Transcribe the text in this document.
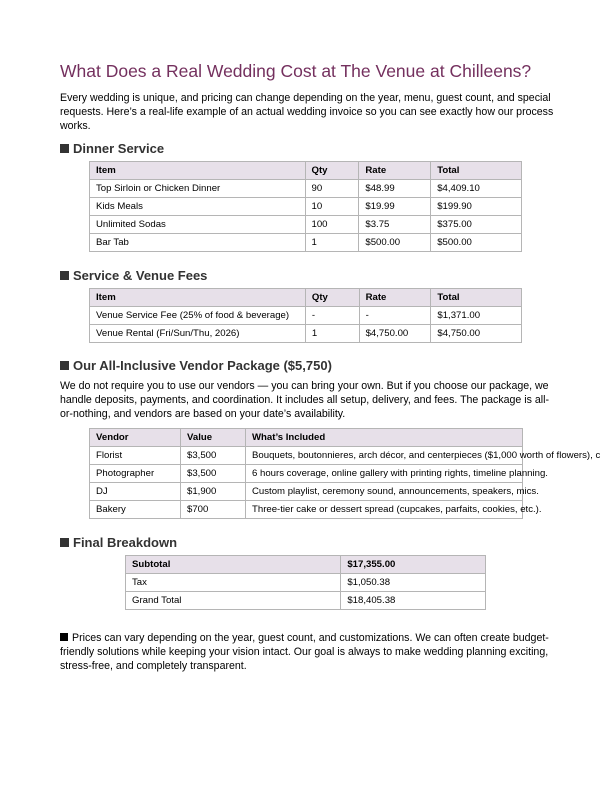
What Does a Real Wedding Cost at The Venue at Chilleens?

Every wedding is unique, and pricing can change depending on the year, menu, guest count, and special requests. Here’s a real-life example of an actual wedding invoice so you can see exactly how our process works.

Dinner Service
Item	Qty	Rate	Total
Top Sirloin or Chicken Dinner	90	$48.99	$4,409.10
Kids Meals	10	$19.99	$199.90
Unlimited Sodas	100	$3.75	$375.00
Bar Tab	1	$500.00	$500.00
Service & Venue Fees
Item	Qty	Rate	Total
Venue Service Fee (25% of food & beverage)	-	-	$1,371.00
Venue Rental (Fri/Sun/Thu, 2026)	1	$4,750.00	$4,750.00
Our All-Inclusive Vendor Package ($5,750)

We do not require you to use our vendors — you can bring your own. But if you choose our package, we handle deposits, payments, and coordination. It includes all setup, delivery, and fees. The package is all-or-nothing, and vendors are based on your date’s availability.

Vendor	Value	What’s Included
Florist	$3,500	Bouquets, boutonnieres, arch décor, and centerpieces ($1,000 worth of flowers), c
Photographer	$3,500	6 hours coverage, online gallery with printing rights, timeline planning.
DJ	$1,900	Custom playlist, ceremony sound, announcements, speakers, mics.
Bakery	$700	Three-tier cake or dessert spread (cupcakes, parfaits, cookies, etc.).
Final Breakdown
Subtotal	$17,355.00
Tax	$1,050.38
Grand Total	$18,405.38

Prices can vary depending on the year, guest count, and customizations. We can often create budget-friendly solutions while keeping your vision intact. Our goal is always to make wedding planning exciting, stress-free, and completely transparent.
